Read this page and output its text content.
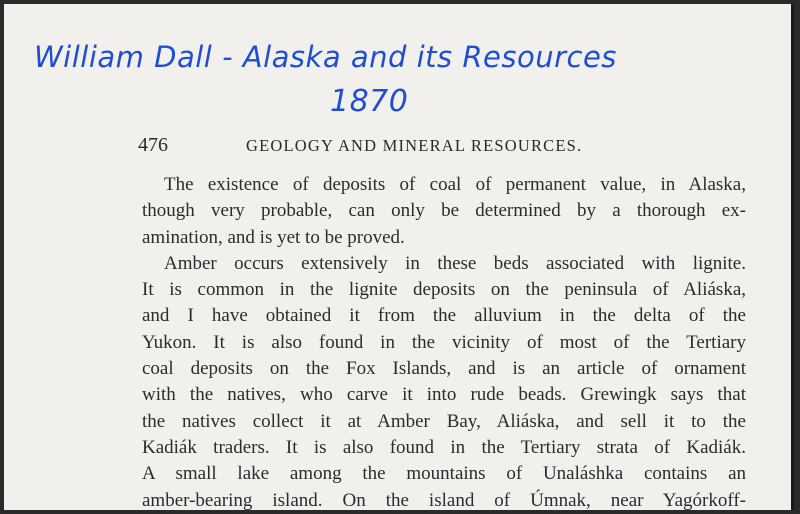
William Dall - Alaska and its Resources
1870
476	GEOLOGY AND MINERAL RESOURCES.
The existence of deposits of coal of permanent value, in Alaska,
though very probable, can only be determined by a thorough ex-
amination, and is yet to be proved.
Amber occurs extensively in these beds associated with lignite.
It is common in the lignite deposits on the peninsula of Aliáska,
and I have obtained it from the alluvium in the delta of the
Yukon. It is also found in the vicinity of most of the Tertiary
coal deposits on the Fox Islands, and is an article of ornament
with the natives, who carve it into rude beads. Grewingk says that
the natives collect it at Amber Bay, Aliáska, and sell it to the
Kadiák traders. It is also found in the Tertiary strata of Kadiák.
A small lake among the mountains of Unaláshka contains an
amber-bearing island. On the island of Úmnak, near Yagórkoff-
